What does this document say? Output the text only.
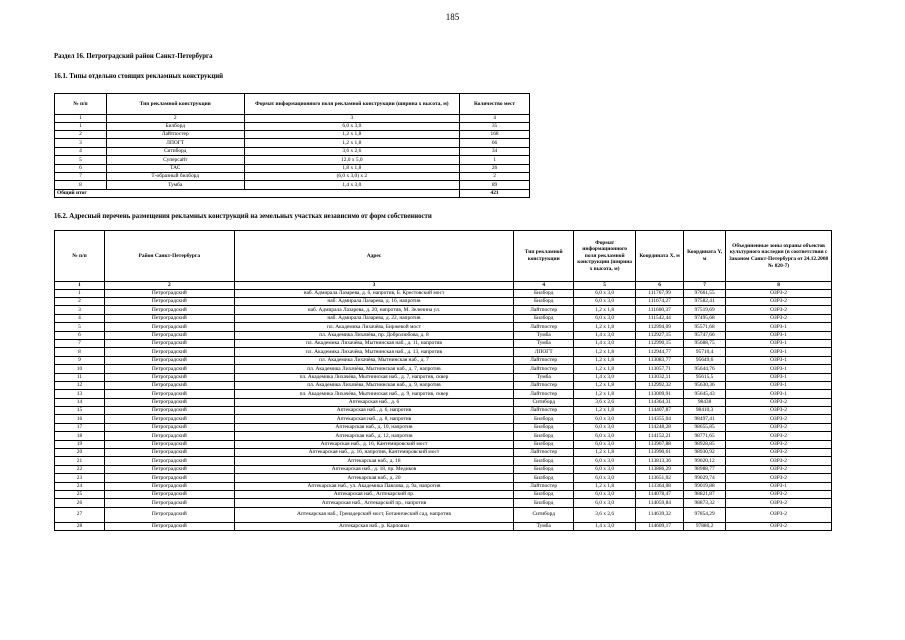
185
Раздел 16. Петроградский район Санкт-Петербурга
16.1. Типы отдельно стоящих рекламных конструкций
№ п/п	Тип рекламной конструкции	Формат информационного поля рекламной конструкции (ширина х высота, м)	Количество мест
1	2	3	4
1	Билборд	6,0 х 3,0	35
2	Лайтпостер	1,2 х 1,8	168
3	ЛПОГТ	1,2 х 1,8	66
4	Ситиборд	3,6 х 2,6	34
5	Суперсайт	12,0 х 5,0	1
6	ТАС	1,8 х 1,8	26
7	Т-образный билборд	(6,0 х 3,0) х 2	2
8	Тумба	1,4 х 3,0	89
Общий итог			421
16.2. Адресный перечень размещения рекламных конструкций на земельных участках независимо от форм собственности
№ п/п	Район Санкт-Петербурга	Адрес	Тип рекламной конструкции	Формат информационного поля рекламной конструкции (ширина х высота, м)	Координата X, м	Координата Y, м	Объединенные зоны охраны объектов культурного наследия (в соответствии с Законом Санкт-Петербурга от 24.12.2008 № 820-7)
1	2	3	4	5	6	7	8
1	Петроградский	наб. Адмирала Лазарева, д. 6, напротив, Б. Крестовский мост	Билборд	6,0 х 3,0	111767,99	97661,55	ОЗРЗ-2
2	Петроградский	наб. Адмирала Лазарева, д. 16, напротив	Билборд	6,0 х 3,0	111674,27	97582,41	ОЗРЗ-2
3	Петроградский	наб. Адмирала Лазарева, д. 20, напротив, М. Зеленина ул.	Лайтпостер	1,2 х 1,8	111600,37	97519,69	ОЗРЗ-2
4	Петроградский	наб. Адмирала Лазарева, д. 22, напротив	Билборд	6,0 х 3,0	111542,44	97495,68	ОЗРЗ-2
5	Петроградский	пл. Академика Лихачёва, Биржевой мост	Лайтпостер	1,2 х 1,8	112994,09	95571,68	ОЗРЗ-1
6	Петроградский	пл. Академика Лихачёва, пр. Добролюбова, д. 8	Тумба	1,4 х 3,0	112927,15	95747,66	ОЗРЗ-1
7	Петроградский	пл. Академика Лихачёва, Мытнинская наб., д. 11, напротив	Тумба	1,4 х 3,0	112990,15	95688,75	ОЗРЗ-1
8	Петроградский	пл. Академика Лихачёва, Мытнинская наб., д. 13, напротив	ЛПОГТ	1,2 х 1,8	112944,77	95710,4	ОЗРЗ-1
9	Петроградский	пл. Академика Лихачёва, Мытнинская наб., д. 7	Лайтпостер	1,2 х 1,8	113083,77	95649,6	ОЗРЗ-1
10	Петроградский	пл. Академика Лихачёва, Мытнинская наб., д. 7, напротив	Лайтпостер	1,2 х 1,8	113057,71	95644,76	ОЗРЗ-1
11	Петроградский	пл. Академика Лихачёва, Мытнинская наб., д. 7, напротив, сквер	Тумба	1,4 х 3,0	113032,11	95615,5	ОЗРЗ-1
12	Петроградский	пл. Академика Лихачёва, Мытнинская наб., д. 9, напротив	Лайтпостер	1,2 х 1,8	112992,32	95630,36	ОЗРЗ-1
13	Петроградский	пл. Академика Лихачёва, Мытнинская наб., д. 9, напротив, сквер	Лайтпостер	1,2 х 1,8	113009,91	95645,43	ОЗРЗ-1
14	Петроградский	Аптекарская наб., д. 6	Ситиборд	3,6 х 2,6	114364,31	98438	ОЗРЗ-2
15	Петроградский	Аптекарская наб., д. 6, напротив	Лайтпостер	1,2 х 1,8	114407,87	98410,3	ОЗРЗ-2
16	Петроградский	Аптекарская наб., д. 8, напротив	Билборд	6,0 х 3,0	114355,04	98497,41	ОЗРЗ-2
17	Петроградский	Аптекарская наб., д. 10, напротив	Билборд	6,0 х 3,0	114248,28	98655,85	ОЗРЗ-2
18	Петроградский	Аптекарская наб., д. 12, напротив	Билборд	6,0 х 3,0	114152,21	98771,65	ОЗРЗ-2
19	Петроградский	Аптекарская наб., д. 16, Кантемировский мост	Билборд	6,0 х 3,0	113967,88	98928,85	ОЗРЗ-2
20	Петроградский	Аптекарская наб., д. 16, напротив, Кантемировский мост	Лайтпостер	1,2 х 1,8	113990,61	98930,92	ОЗРЗ-2
21	Петроградский	Аптекарская наб., д. 18	Билборд	6,0 х 3,0	113813,36	99020,12	ОЗРЗ-2
22	Петроградский	Аптекарская наб., д. 18, пр. Медиков	Билборд	6,0 х 3,0	113886,29	98988,77	ОЗРЗ-2
23	Петроградский	Аптекарская наб., д. 20	Билборд	6,0 х 3,0	113651,02	99029,74	ОЗРЗ-2
24	Петроградский	Аптекарская наб., ул. Академика Павлова, д. 9а, напротив	Лайтпостер	1,2 х 1,8	113364,08	99019,88	ОЗРЗ-1
25	Петроградский	Аптекарская наб., Аптекарский пр.	Билборд	6,0 х 3,0	114078,47	98821,87	ОЗРЗ-2
26	Петроградский	Аптекарская наб., Аптекарский пр., напротив	Билборд	6,0 х 3,0	114059,84	98873,32	ОЗРЗ-2
27	Петроградский	Аптекарская наб., Гренадерский мост, Ботанический сад, напротив	Ситиборд	3,6 х 2,6	114639,32	97854,29	ОЗРЗ-2
28	Петроградский	Аптекарская наб., р. Карповки	Тумба	1,4 х 3,0	114609,17	97880,2	ОЗРЗ-2
